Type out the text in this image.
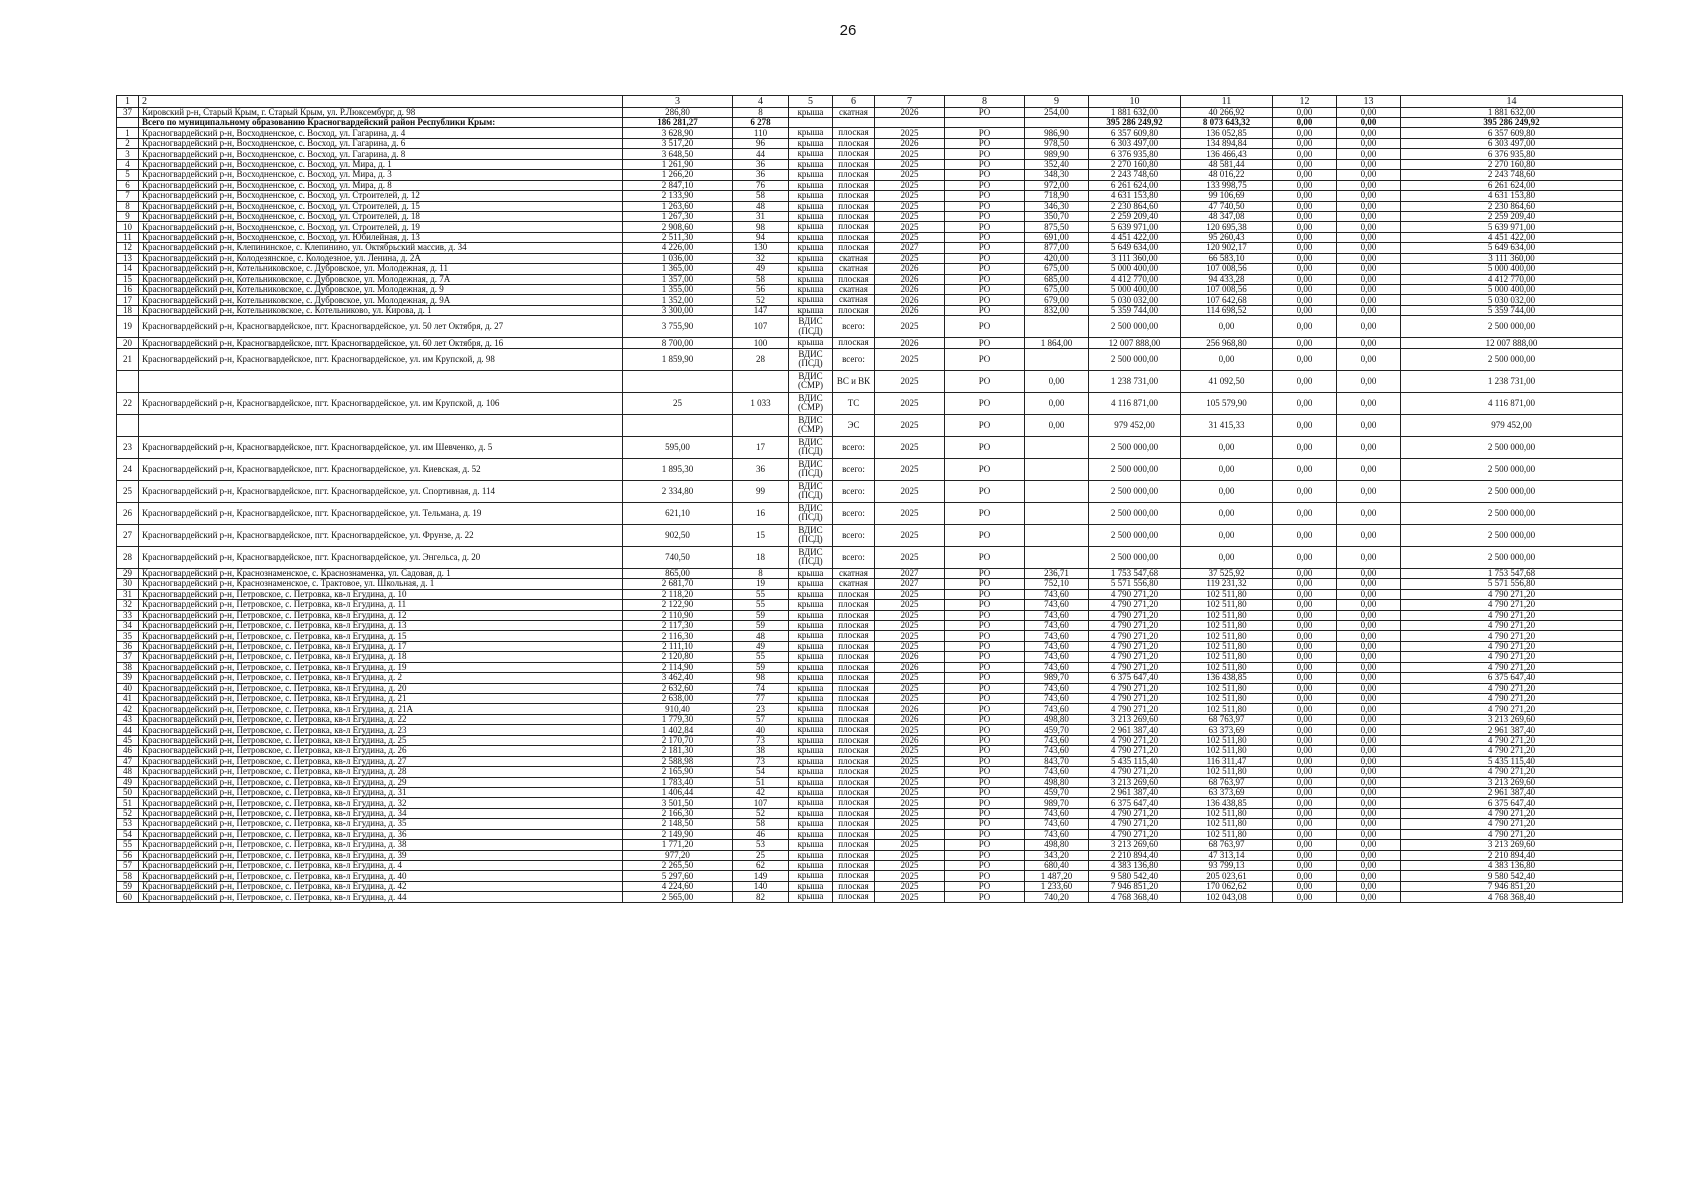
26
1	2	3	4	5	6	7	8	9	10	11	12	13	14
37	Кировский р-н, Старый Крым, г. Старый Крым, ул. Р.Люксембург, д. 98	286,80	8	крыша	скатная	2026	РО	254,00	1 881 632,00	40 266,92	0,00	0,00	1 881 632,00
	Всего по муниципальному образованию Красногвардейский район Республики Крым:	186 281,27	6 278						395 286 249,92	8 073 643,32	0,00	0,00	395 286 249,92
1	Красногвардейский р-н, Восходненское, с. Восход, ул. Гагарина, д. 4	3 628,90	110	крыша	плоская	2025	РО	986,90	6 357 609,80	136 052,85	0,00	0,00	6 357 609,80
2	Красногвардейский р-н, Восходненское, с. Восход, ул. Гагарина, д. 6	3 517,20	96	крыша	плоская	2026	РО	978,50	6 303 497,00	134 894,84	0,00	0,00	6 303 497,00
3	Красногвардейский р-н, Восходненское, с. Восход, ул. Гагарина, д. 8	3 648,50	44	крыша	плоская	2025	РО	989,90	6 376 935,80	136 466,43	0,00	0,00	6 376 935,80
4	Красногвардейский р-н, Восходненское, с. Восход, ул. Мира, д. 1	1 261,90	36	крыша	плоская	2025	РО	352,40	2 270 160,80	48 581,44	0,00	0,00	2 270 160,80
5	Красногвардейский р-н, Восходненское, с. Восход, ул. Мира, д. 3	1 266,20	36	крыша	плоская	2025	РО	348,30	2 243 748,60	48 016,22	0,00	0,00	2 243 748,60
6	Красногвардейский р-н, Восходненское, с. Восход, ул. Мира, д. 8	2 847,10	76	крыша	плоская	2025	РО	972,00	6 261 624,00	133 998,75	0,00	0,00	6 261 624,00
7	Красногвардейский р-н, Восходненское, с. Восход, ул. Строителей, д. 12	2 133,90	58	крыша	плоская	2025	РО	718,90	4 631 153,80	99 106,69	0,00	0,00	4 631 153,80
8	Красногвардейский р-н, Восходненское, с. Восход, ул. Строителей, д. 15	1 263,60	48	крыша	плоская	2025	РО	346,30	2 230 864,60	47 740,50	0,00	0,00	2 230 864,60
9	Красногвардейский р-н, Восходненское, с. Восход, ул. Строителей, д. 18	1 267,30	31	крыша	плоская	2025	РО	350,70	2 259 209,40	48 347,08	0,00	0,00	2 259 209,40
10	Красногвардейский р-н, Восходненское, с. Восход, ул. Строителей, д. 19	2 908,60	98	крыша	плоская	2025	РО	875,50	5 639 971,00	120 695,38	0,00	0,00	5 639 971,00
11	Красногвардейский р-н, Восходненское, с. Восход, ул. Юбилейная, д. 13	2 511,30	94	крыша	плоская	2025	РО	691,00	4 451 422,00	95 260,43	0,00	0,00	4 451 422,00
12	Красногвардейский р-н, Клепининское, с. Клепинино, ул. Октябрьский массив, д. 34	4 226,00	130	крыша	плоская	2027	РО	877,00	5 649 634,00	120 902,17	0,00	0,00	5 649 634,00
13	Красногвардейский р-н, Колодезянское, с. Колодезное, ул. Ленина, д. 2А	1 036,00	32	крыша	скатная	2025	РО	420,00	3 111 360,00	66 583,10	0,00	0,00	3 111 360,00
14	Красногвардейский р-н, Котельниковское, с. Дубровское, ул. Молодежная, д. 11	1 365,00	49	крыша	скатная	2026	РО	675,00	5 000 400,00	107 008,56	0,00	0,00	5 000 400,00
15	Красногвардейский р-н, Котельниковское, с. Дубровское, ул. Молодежная, д. 7А	1 357,00	58	крыша	плоская	2026	РО	685,00	4 412 770,00	94 433,28	0,00	0,00	4 412 770,00
16	Красногвардейский р-н, Котельниковское, с. Дубровское, ул. Молодежная, д. 9	1 355,00	56	крыша	скатная	2026	РО	675,00	5 000 400,00	107 008,56	0,00	0,00	5 000 400,00
17	Красногвардейский р-н, Котельниковское, с. Дубровское, ул. Молодежная, д. 9А	1 352,00	52	крыша	скатная	2026	РО	679,00	5 030 032,00	107 642,68	0,00	0,00	5 030 032,00
18	Красногвардейский р-н, Котельниковское, с. Котельниково, ул. Кирова, д. 1	3 300,00	147	крыша	плоская	2026	РО	832,00	5 359 744,00	114 698,52	0,00	0,00	5 359 744,00
19	Красногвардейский р-н, Красногвардейское, пгт. Красногвардейское, ул. 50 лет Октября, д. 27	3 755,90	107	ВДИС (ПСД)	всего:	2025	РО		2 500 000,00	0,00	0,00	0,00	2 500 000,00
20	Красногвардейский р-н, Красногвардейское, пгт. Красногвардейское, ул. 60 лет Октября, д. 16	8 700,00	100	крыша	плоская	2026	РО	1 864,00	12 007 888,00	256 968,80	0,00	0,00	12 007 888,00
21	Красногвардейский р-н, Красногвардейское, пгт. Красногвардейское, ул. им Крупской, д. 98	1 859,90	28	ВДИС (ПСД)	всего:	2025	РО		2 500 000,00	0,00	0,00	0,00	2 500 000,00
				ВДИС (СМР)	ВС и ВК	2025	РО	0,00	1 238 731,00	41 092,50	0,00	0,00	1 238 731,00
22	Красногвардейский р-н, Красногвардейское, пгт. Красногвардейское, ул. им Крупской, д. 106	25	1 033	ВДИС (СМР)	ТС	2025	РО	0,00	4 116 871,00	105 579,90	0,00	0,00	4 116 871,00
				ВДИС (СМР)	ЭС	2025	РО	0,00	979 452,00	31 415,33	0,00	0,00	979 452,00
23	Красногвардейский р-н, Красногвардейское, пгт. Красногвардейское, ул. им Шевченко, д. 5	595,00	17	ВДИС (ПСД)	всего:	2025	РО		2 500 000,00	0,00	0,00	0,00	2 500 000,00
24	Красногвардейский р-н, Красногвардейское, пгт. Красногвардейское, ул. Киевская, д. 52	1 895,30	36	ВДИС (ПСД)	всего:	2025	РО		2 500 000,00	0,00	0,00	0,00	2 500 000,00
25	Красногвардейский р-н, Красногвардейское, пгт. Красногвардейское, ул. Спортивная, д. 114	2 334,80	99	ВДИС (ПСД)	всего:	2025	РО		2 500 000,00	0,00	0,00	0,00	2 500 000,00
26	Красногвардейский р-н, Красногвардейское, пгт. Красногвардейское, ул. Тельмана, д. 19	621,10	16	ВДИС (ПСД)	всего:	2025	РО		2 500 000,00	0,00	0,00	0,00	2 500 000,00
27	Красногвардейский р-н, Красногвардейское, пгт. Красногвардейское, ул. Фрунзе, д. 22	902,50	15	ВДИС (ПСД)	всего:	2025	РО		2 500 000,00	0,00	0,00	0,00	2 500 000,00
28	Красногвардейский р-н, Красногвардейское, пгт. Красногвардейское, ул. Энгельса, д. 20	740,50	18	ВДИС (ПСД)	всего:	2025	РО		2 500 000,00	0,00	0,00	0,00	2 500 000,00
29	Красногвардейский р-н, Краснознаменское, с. Краснознаменка, ул. Садовая, д. 1	865,00	8	крыша	скатная	2027	РО	236,71	1 753 547,68	37 525,92	0,00	0,00	1 753 547,68
30	Красногвардейский р-н, Краснознаменское, с. Трактовое, ул. Школьная, д. 1	2 681,70	19	крыша	скатная	2027	РО	752,10	5 571 556,80	119 231,32	0,00	0,00	5 571 556,80
31	Красногвардейский р-н, Петровское, с. Петровка, кв-л Егудина, д. 10	2 118,20	55	крыша	плоская	2025	РО	743,60	4 790 271,20	102 511,80	0,00	0,00	4 790 271,20
32	Красногвардейский р-н, Петровское, с. Петровка, кв-л Егудина, д. 11	2 122,90	55	крыша	плоская	2025	РО	743,60	4 790 271,20	102 511,80	0,00	0,00	4 790 271,20
33	Красногвардейский р-н, Петровское, с. Петровка, кв-л Егудина, д. 12	2 110,90	59	крыша	плоская	2025	РО	743,60	4 790 271,20	102 511,80	0,00	0,00	4 790 271,20
34	Красногвардейский р-н, Петровское, с. Петровка, кв-л Егудина, д. 13	2 117,30	59	крыша	плоская	2025	РО	743,60	4 790 271,20	102 511,80	0,00	0,00	4 790 271,20
35	Красногвардейский р-н, Петровское, с. Петровка, кв-л Егудина, д. 15	2 116,30	48	крыша	плоская	2025	РО	743,60	4 790 271,20	102 511,80	0,00	0,00	4 790 271,20
36	Красногвардейский р-н, Петровское, с. Петровка, кв-л Егудина, д. 17	2 111,10	49	крыша	плоская	2025	РО	743,60	4 790 271,20	102 511,80	0,00	0,00	4 790 271,20
37	Красногвардейский р-н, Петровское, с. Петровка, кв-л Егудина, д. 18	2 120,80	55	крыша	плоская	2026	РО	743,60	4 790 271,20	102 511,80	0,00	0,00	4 790 271,20
38	Красногвардейский р-н, Петровское, с. Петровка, кв-л Егудина, д. 19	2 114,90	59	крыша	плоская	2026	РО	743,60	4 790 271,20	102 511,80	0,00	0,00	4 790 271,20
39	Красногвардейский р-н, Петровское, с. Петровка, кв-л Егудина, д. 2	3 462,40	98	крыша	плоская	2025	РО	989,70	6 375 647,40	136 438,85	0,00	0,00	6 375 647,40
40	Красногвардейский р-н, Петровское, с. Петровка, кв-л Егудина, д. 20	2 632,60	74	крыша	плоская	2025	РО	743,60	4 790 271,20	102 511,80	0,00	0,00	4 790 271,20
41	Красногвардейский р-н, Петровское, с. Петровка, кв-л Егудина, д. 21	2 638,00	77	крыша	плоская	2025	РО	743,60	4 790 271,20	102 511,80	0,00	0,00	4 790 271,20
42	Красногвардейский р-н, Петровское, с. Петровка, кв-л Егудина, д. 21А	910,40	23	крыша	плоская	2026	РО	743,60	4 790 271,20	102 511,80	0,00	0,00	4 790 271,20
43	Красногвардейский р-н, Петровское, с. Петровка, кв-л Егудина, д. 22	1 779,30	57	крыша	плоская	2026	РО	498,80	3 213 269,60	68 763,97	0,00	0,00	3 213 269,60
44	Красногвардейский р-н, Петровское, с. Петровка, кв-л Егудина, д. 23	1 402,84	40	крыша	плоская	2025	РО	459,70	2 961 387,40	63 373,69	0,00	0,00	2 961 387,40
45	Красногвардейский р-н, Петровское, с. Петровка, кв-л Егудина, д. 25	2 170,70	73	крыша	плоская	2026	РО	743,60	4 790 271,20	102 511,80	0,00	0,00	4 790 271,20
46	Красногвардейский р-н, Петровское, с. Петровка, кв-л Егудина, д. 26	2 181,30	38	крыша	плоская	2025	РО	743,60	4 790 271,20	102 511,80	0,00	0,00	4 790 271,20
47	Красногвардейский р-н, Петровское, с. Петровка, кв-л Егудина, д. 27	2 588,98	73	крыша	плоская	2025	РО	843,70	5 435 115,40	116 311,47	0,00	0,00	5 435 115,40
48	Красногвардейский р-н, Петровское, с. Петровка, кв-л Егудина, д. 28	2 165,90	54	крыша	плоская	2025	РО	743,60	4 790 271,20	102 511,80	0,00	0,00	4 790 271,20
49	Красногвардейский р-н, Петровское, с. Петровка, кв-л Егудина, д. 29	1 783,40	51	крыша	плоская	2025	РО	498,80	3 213 269,60	68 763,97	0,00	0,00	3 213 269,60
50	Красногвардейский р-н, Петровское, с. Петровка, кв-л Егудина, д. 31	1 406,44	42	крыша	плоская	2025	РО	459,70	2 961 387,40	63 373,69	0,00	0,00	2 961 387,40
51	Красногвардейский р-н, Петровское, с. Петровка, кв-л Егудина, д. 32	3 501,50	107	крыша	плоская	2025	РО	989,70	6 375 647,40	136 438,85	0,00	0,00	6 375 647,40
52	Красногвардейский р-н, Петровское, с. Петровка, кв-л Егудина, д. 34	2 166,30	52	крыша	плоская	2025	РО	743,60	4 790 271,20	102 511,80	0,00	0,00	4 790 271,20
53	Красногвардейский р-н, Петровское, с. Петровка, кв-л Егудина, д. 35	2 148,50	58	крыша	плоская	2025	РО	743,60	4 790 271,20	102 511,80	0,00	0,00	4 790 271,20
54	Красногвардейский р-н, Петровское, с. Петровка, кв-л Егудина, д. 36	2 149,90	46	крыша	плоская	2025	РО	743,60	4 790 271,20	102 511,80	0,00	0,00	4 790 271,20
55	Красногвардейский р-н, Петровское, с. Петровка, кв-л Егудина, д. 38	1 771,20	53	крыша	плоская	2025	РО	498,80	3 213 269,60	68 763,97	0,00	0,00	3 213 269,60
56	Красногвардейский р-н, Петровское, с. Петровка, кв-л Егудина, д. 39	977,20	25	крыша	плоская	2025	РО	343,20	2 210 894,40	47 313,14	0,00	0,00	2 210 894,40
57	Красногвардейский р-н, Петровское, с. Петровка, кв-л Егудина, д. 4	2 265,50	62	крыша	плоская	2025	РО	680,40	4 383 136,80	93 799,13	0,00	0,00	4 383 136,80
58	Красногвардейский р-н, Петровское, с. Петровка, кв-л Егудина, д. 40	5 297,60	149	крыша	плоская	2025	РО	1 487,20	9 580 542,40	205 023,61	0,00	0,00	9 580 542,40
59	Красногвардейский р-н, Петровское, с. Петровка, кв-л Егудина, д. 42	4 224,60	140	крыша	плоская	2025	РО	1 233,60	7 946 851,20	170 062,62	0,00	0,00	7 946 851,20
60	Красногвардейский р-н, Петровское, с. Петровка, кв-л Егудина, д. 44	2 565,00	82	крыша	плоская	2025	РО	740,20	4 768 368,40	102 043,08	0,00	0,00	4 768 368,40
